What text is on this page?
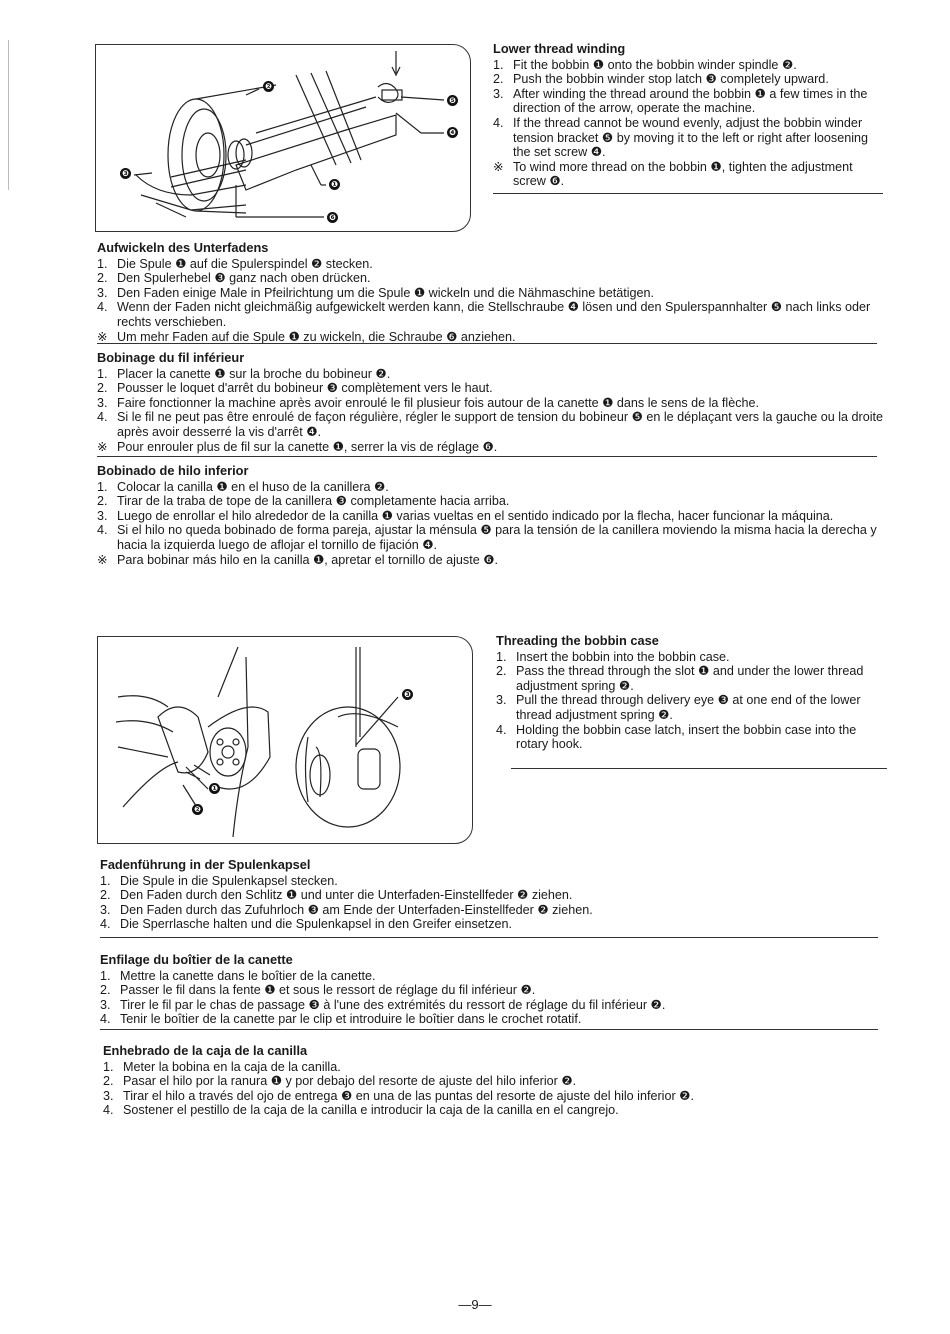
❷
❺
❹
❸
❶
❻
Lower thread winding
1. Fit the bobbin ❶ onto the bobbin winder spindle ❷.
2. Push the bobbin winder stop latch ❸ completely upward.
3. After winding the thread around the bobbin ❶ a few times in the direction of the arrow, operate the machine.
4. If the thread cannot be wound evenly, adjust the bobbin winder tension bracket ❺ by moving it to the left or right after loosening the set screw ❹.
※ To wind more thread on the bobbin ❶, tighten the adjustment screw ❻.
Aufwickeln des Unterfadens
1. Die Spule ❶ auf die Spulerspindel ❷ stecken.
2. Den Spulerhebel ❸ ganz nach oben drücken.
3. Den Faden einige Male in Pfeilrichtung um die Spule ❶ wickeln und die Nähmaschine betätigen.
4. Wenn der Faden nicht gleichmäßig aufgewickelt werden kann, die Stellschraube ❹ lösen und den Spulerspannhalter ❺ nach links oder rechts verschieben.
※ Um mehr Faden auf die Spule ❶ zu wickeln, die Schraube ❻ anziehen.
Bobinage du fil inférieur
1. Placer la canette ❶ sur la broche du bobineur ❷.
2. Pousser le loquet d'arrêt du bobineur ❸ complètement vers le haut.
3. Faire fonctionner la machine après avoir enroulé le fil plusieur fois autour de la canette ❶ dans le sens de la flèche.
4. Si le fil ne peut pas être enroulé de façon régulière, régler le support de tension du bobineur ❺ en le déplaçant vers la gauche ou la droite après avoir desserré la vis d'arrêt ❹.
※ Pour enrouler plus de fil sur la canette ❶, serrer la vis de réglage ❻.
Bobinado de hilo inferior
1. Colocar la canilla ❶ en el huso de la canillera ❷.
2. Tirar de la traba de tope de la canillera ❸ completamente hacia arriba.
3. Luego de enrollar el hilo alrededor de la canilla ❶ varias vueltas en el sentido indicado por la flecha, hacer funcionar la máquina.
4. Si el hilo no queda bobinado de forma pareja, ajustar la ménsula ❺ para la tensión de la canillera moviendo la misma hacia la derecha y hacia la izquierda luego de aflojar el tornillo de fijación ❹.
※ Para bobinar más hilo en la canilla ❶, apretar el tornillo de ajuste ❻.
❸
❶
❷
Threading the bobbin case
1. Insert the bobbin into the bobbin case.
2. Pass the thread through the slot ❶ and under the lower thread adjustment spring ❷.
3. Pull the thread through delivery eye ❸ at one end of the lower thread adjustment spring ❷.
4. Holding the bobbin case latch, insert the bobbin case into the rotary hook.
Fadenführung in der Spulenkapsel
1. Die Spule in die Spulenkapsel stecken.
2. Den Faden durch den Schlitz ❶ und unter die Unterfaden-Einstellfeder ❷ ziehen.
3. Den Faden durch das Zufuhrloch ❸ am Ende der Unterfaden-Einstellfeder ❷ ziehen.
4. Die Sperrlasche halten und die Spulenkapsel in den Greifer einsetzen.
Enfilage du boîtier de la canette
1. Mettre la canette dans le boîtier de la canette.
2. Passer le fil dans la fente ❶ et sous le ressort de réglage du fil inférieur ❷.
3. Tirer le fil par le chas de passage ❸ à l'une des extrémités du ressort de réglage du fil inférieur ❷.
4. Tenir le boîtier de la canette par le clip et introduire le boîtier dans le crochet rotatif.
Enhebrado de la caja de la canilla
1. Meter la bobina en la caja de la canilla.
2. Pasar el hilo por la ranura ❶ y por debajo del resorte de ajuste del hilo inferior ❷.
3. Tirar el hilo a través del ojo de entrega ❸ en una de las puntas del resorte de ajuste del hilo inferior ❷.
4. Sostener el pestillo de la caja de la canilla e introducir la caja de la canilla en el cangrejo.
—9—
